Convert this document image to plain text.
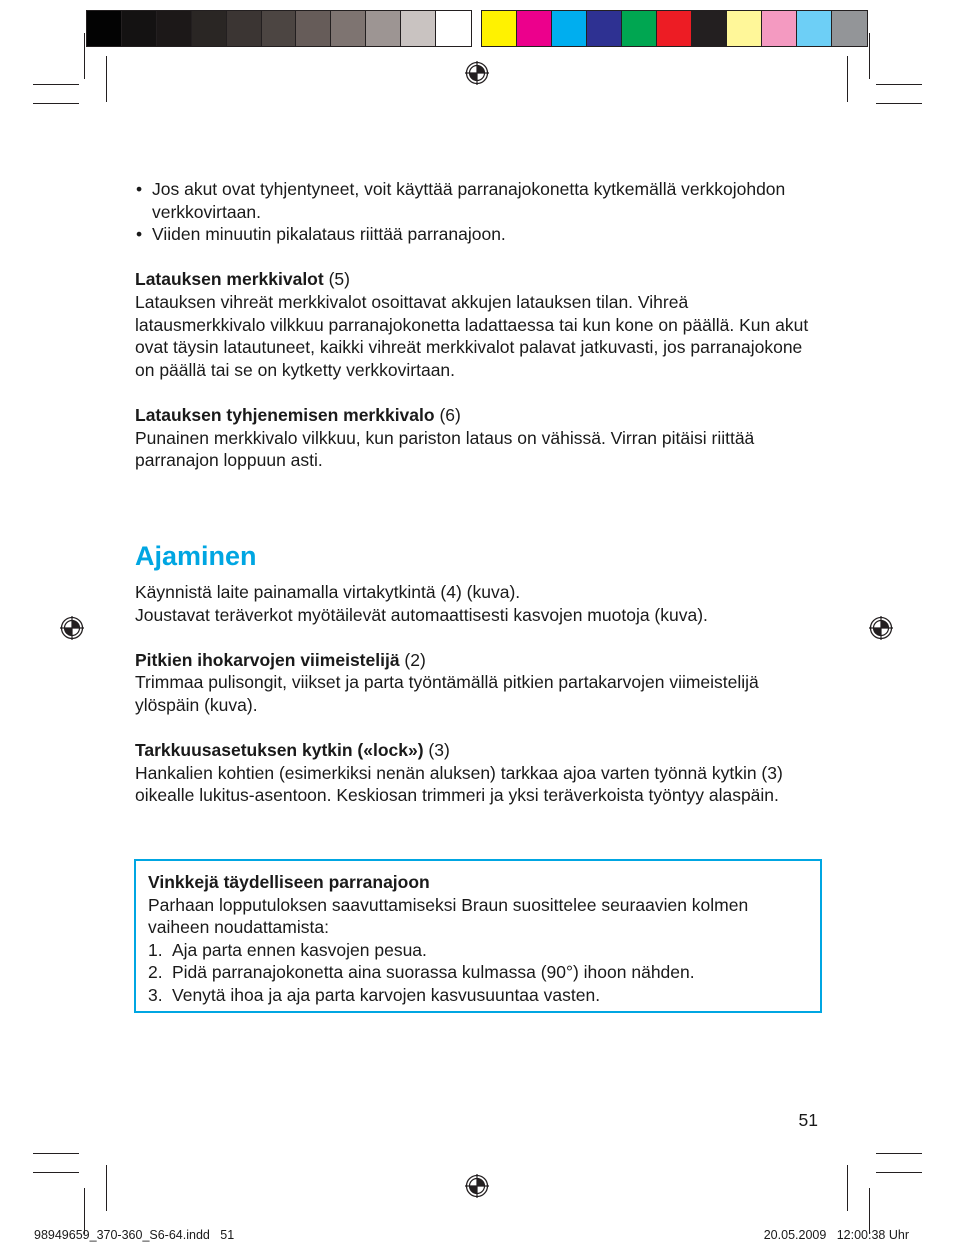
• Jos akut ovat tyhjentyneet, voit käyttää parranajokonetta kytkemällä verkkojohdon verkkovirtaan.
• Viiden minuutin pikalataus riittää parranajoon.

Latauksen merkkivalot (5)

Latauksen vihreät merkkivalot osoittavat akkujen latauksen tilan. Vihreä latausmerkkivalo vilkkuu parranajokonetta ladattaessa tai kun kone on päällä. Kun akut ovat täysin latautuneet, kaikki vihreät merkkivalot palavat jatkuvasti, jos parranajokone on päällä tai se on kytketty verkkovirtaan.

Latauksen tyhjenemisen merkkivalo (6)

Punainen merkkivalo vilkkuu, kun pariston lataus on vähissä. Virran pitäisi riittää parranajon loppuun asti.

Ajaminen

Käynnistä laite painamalla virtakytkintä (4) (kuva).

Joustavat teräverkot myötäilevät automaattisesti kasvojen muotoja (kuva).

Pitkien ihokarvojen viimeistelijä (2)

Trimmaa pulisongit, viikset ja parta työntämällä pitkien partakarvojen viimeistelijä ylöspäin (kuva).

Tarkkuusasetuksen kytkin («lock») (3)

Hankalien kohtien (esimerkiksi nenän aluksen) tarkkaa ajoa varten työnnä kytkin (3) oikealle lukitus-asentoon. Keskiosan trimmeri ja yksi teräverkoista työntyy alaspäin.

Vinkkejä täydelliseen parranajoon

Parhaan lopputuloksen saavuttamiseksi Braun suosittelee seuraavien kolmen vaiheen noudattamista:

1. Aja parta ennen kasvojen pesua.
2. Pidä parranajokonetta aina suorassa kulmassa (90°) ihoon nähden.
3. Venytä ihoa ja aja parta karvojen kasvusuuntaa vasten.
51
98949659_370-360_S6-64.indd   51	20.05.2009   12:00:38 Uhr
